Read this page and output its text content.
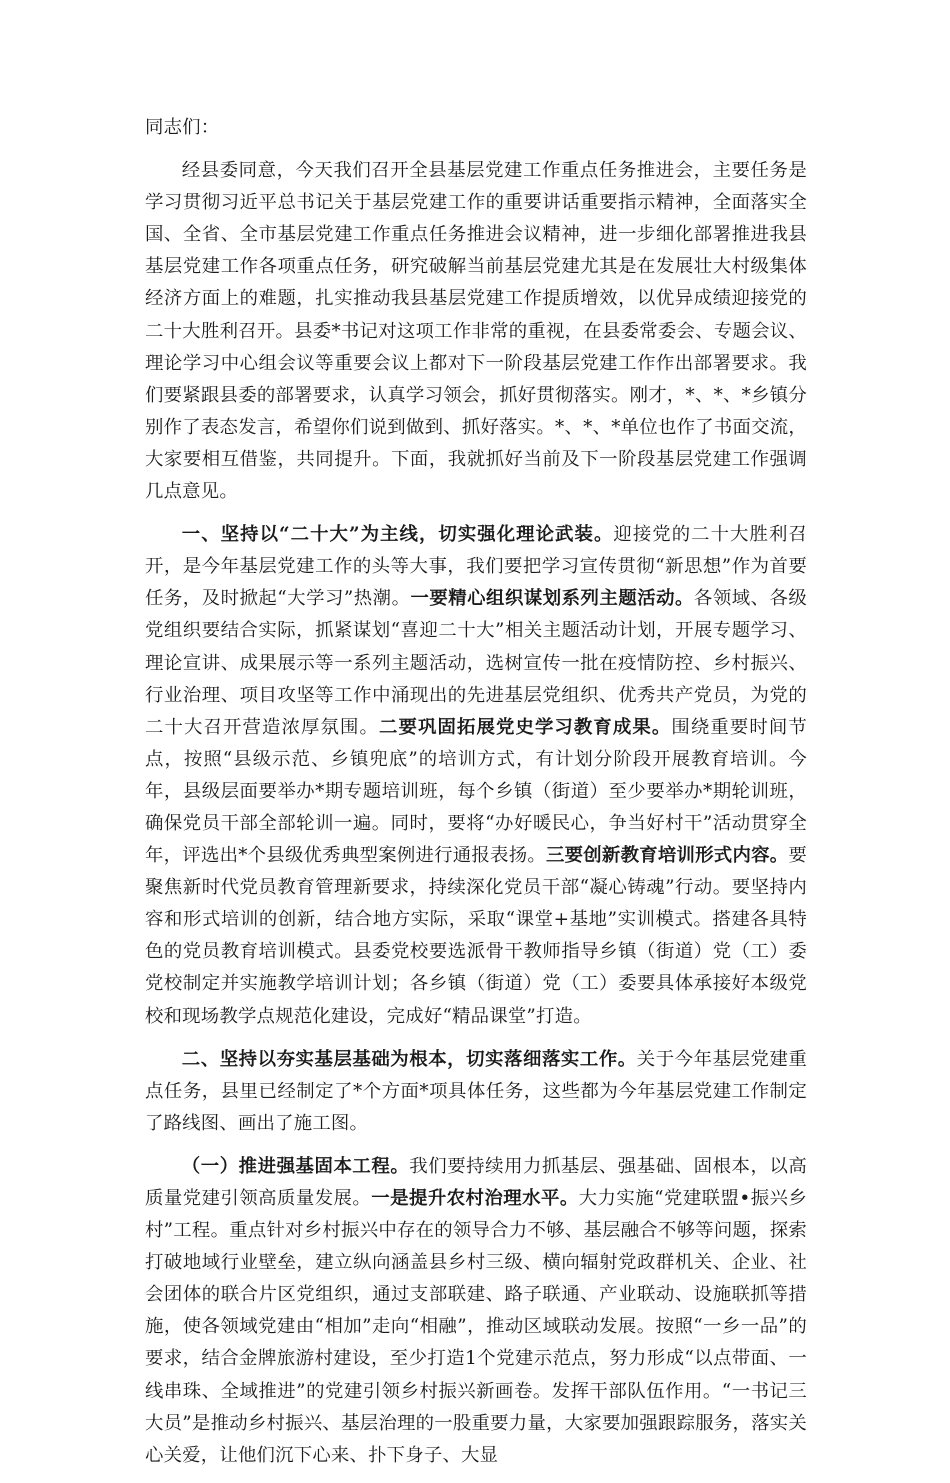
同志们：

经县委同意，今天我们召开全县基层党建工作重点任务推进会，主要任务是学习贯彻习近平总书记关于基层党建工作的重要讲话重要指示精神，全面落实全国、全省、全市基层党建工作重点任务推进会议精神，进一步细化部署推进我县基层党建工作各项重点任务，研究破解当前基层党建尤其是在发展壮大村级集体经济方面上的难题，扎实推动我县基层党建工作提质增效，以优异成绩迎接党的二十大胜利召开。县委*书记对这项工作非常的重视，在县委常委会、专题会议、理论学习中心组会议等重要会议上都对下一阶段基层党建工作作出部署要求。我们要紧跟县委的部署要求，认真学习领会，抓好贯彻落实。刚才，*、*、*乡镇分别作了表态发言，希望你们说到做到、抓好落实。*、*、*单位也作了书面交流，大家要相互借鉴，共同提升。下面，我就抓好当前及下一阶段基层党建工作强调几点意见。

一、坚持以“二十大”为主线，切实强化理论武装。迎接党的二十大胜利召开，是今年基层党建工作的头等大事，我们要把学习宣传贯彻“新思想”作为首要任务，及时掀起“大学习”热潮。一要精心组织谋划系列主题活动。各领域、各级党组织要结合实际，抓紧谋划“喜迎二十大”相关主题活动计划，开展专题学习、理论宣讲、成果展示等一系列主题活动，选树宣传一批在疫情防控、乡村振兴、行业治理、项目攻坚等工作中涌现出的先进基层党组织、优秀共产党员，为党的二十大召开营造浓厚氛围。二要巩固拓展党史学习教育成果。围绕重要时间节点，按照“县级示范、乡镇兜底”的培训方式，有计划分阶段开展教育培训。今年，县级层面要举办*期专题培训班，每个乡镇（街道）至少要举办*期轮训班，确保党员干部全部轮训一遍。同时，要将“办好暖民心，争当好村干”活动贯穿全年，评选出*个县级优秀典型案例进行通报表扬。三要创新教育培训形式内容。要聚焦新时代党员教育管理新要求，持续深化党员干部“凝心铸魂”行动。要坚持内容和形式培训的创新，结合地方实际，采取“课堂+基地”实训模式。搭建各具特色的党员教育培训模式。县委党校要选派骨干教师指导乡镇（街道）党（工）委党校制定并实施教学培训计划；各乡镇（街道）党（工）委要具体承接好本级党校和现场教学点规范化建设，完成好“精品课堂”打造。

二、坚持以夯实基层基础为根本，切实落细落实工作。关于今年基层党建重点任务，县里已经制定了*个方面*项具体任务，这些都为今年基层党建工作制定了路线图、画出了施工图。

（一）推进强基固本工程。我们要持续用力抓基层、强基础、固根本，以高质量党建引领高质量发展。一是提升农村治理水平。大力实施“党建联盟•振兴乡村”工程。重点针对乡村振兴中存在的领导合力不够、基层融合不够等问题，探索打破地域行业壁垒，建立纵向涵盖县乡村三级、横向辐射党政群机关、企业、社会团体的联合片区党组织，通过支部联建、路子联通、产业联动、设施联抓等措施，使各领域党建由“相加”走向“相融”，推动区域联动发展。按照“一乡一品”的要求，结合金牌旅游村建设，至少打造1个党建示范点，努力形成“以点带面、一线串珠、全域推进”的党建引领乡村振兴新画卷。发挥干部队伍作用。“一书记三大员”是推动乡村振兴、基层治理的一股重要力量，大家要加强跟踪服务，落实关心关爱，让他们沉下心来、扑下身子、大显
